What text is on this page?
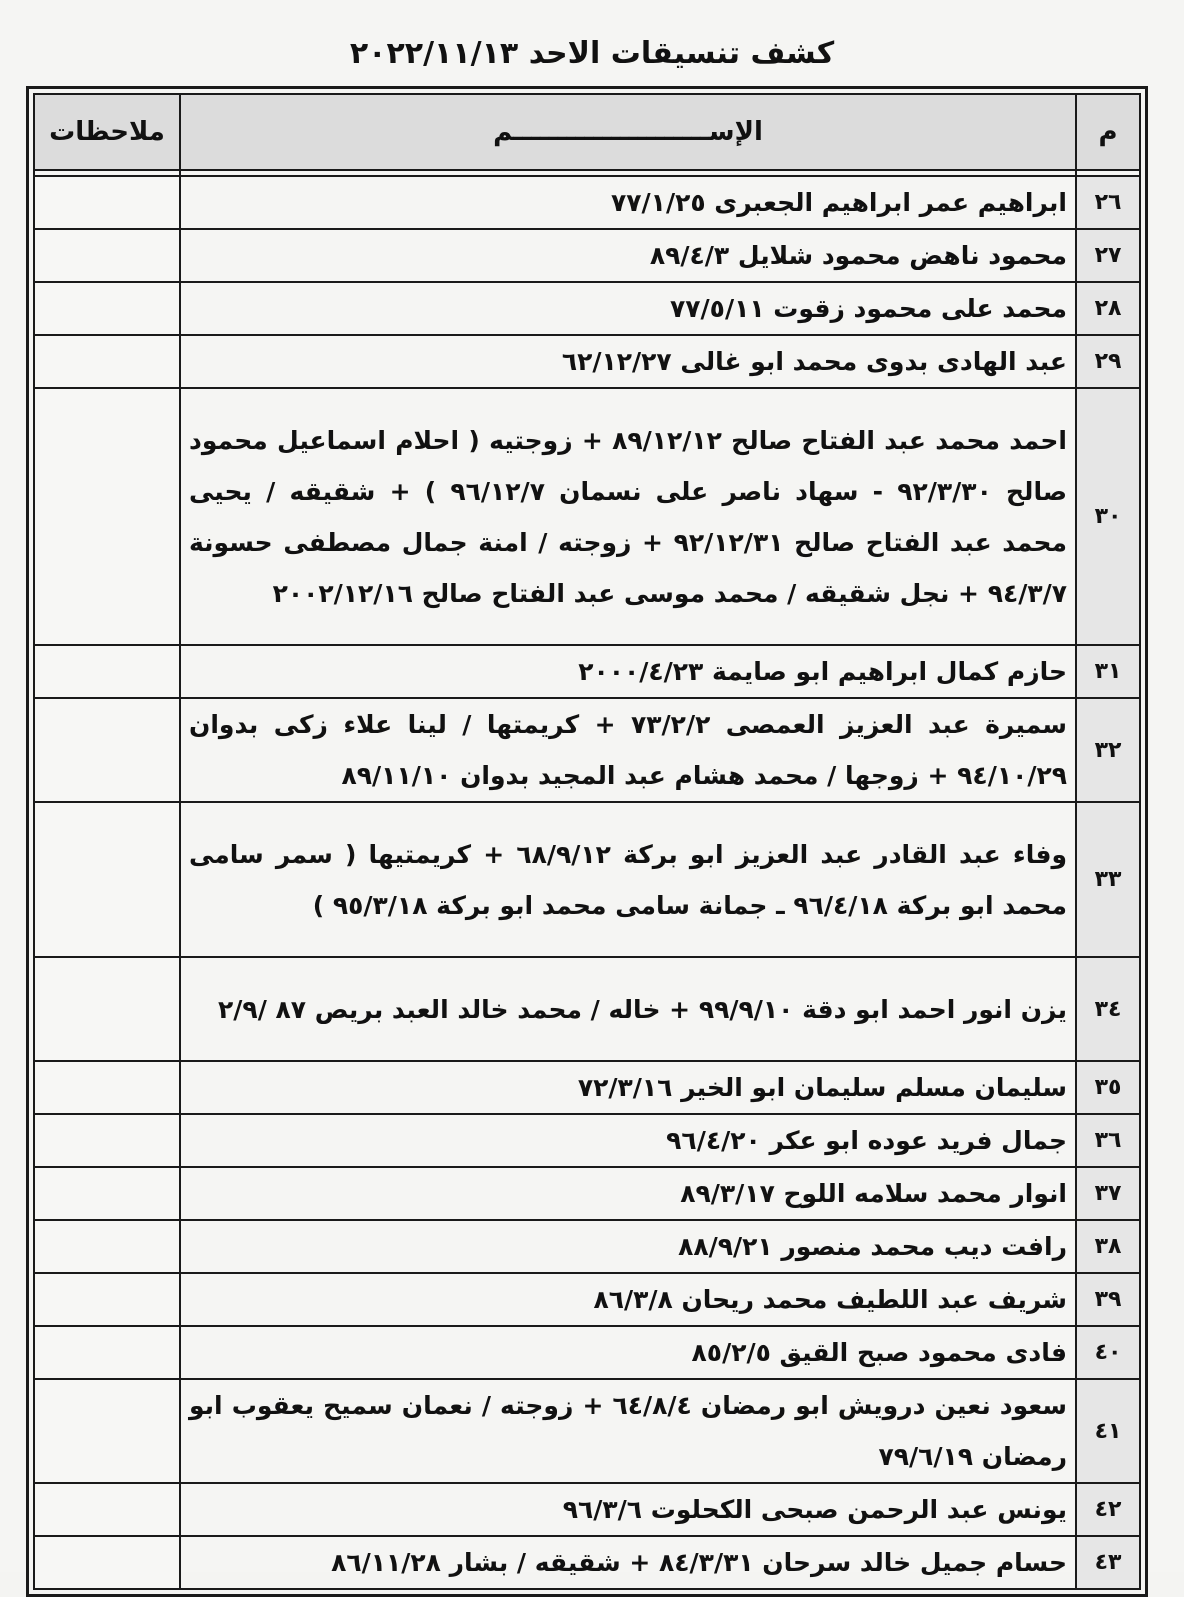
كشف تنسيقات الاحد ٢٠٢٢/١١/١٣
م	الإســــــــــــــــــــــم	ملاحظات

٢٦	ابراهيم عمر ابراهيم الجعبرى ٧٧/١/٢٥	
٢٧	محمود ناهض محمود شلايل ٨٩/٤/٣	
٢٨	محمد على محمود زقوت ٧٧/٥/١١	
٢٩	عبد الهادى بدوى محمد ابو غالى ٦٢/١٢/٢٧	
٣٠	احمد محمد عبد الفتاح صالح ٨٩/١٢/١٢ + زوجتيه ( احلام اسماعيل محمود صالح ٩٢/٣/٣٠ - سهاد ناصر على نسمان ٩٦/١٢/٧ ) + شقيقه / يحيى محمد عبد الفتاح صالح ٩٢/١٢/٣١ + زوجته / امنة جمال مصطفى حسونة ٩٤/٣/٧ + نجل شقيقه / محمد موسى عبد الفتاح صالح ٢٠٠٢/١٢/١٦	
٣١	حازم كمال ابراهيم ابو صايمة ٢٠٠٠/٤/٢٣	
٣٢	سميرة عبد العزيز العمصى ٧٣/٢/٢ + كريمتها / لينا علاء زكى بدوان ٩٤/١٠/٢٩ + زوجها / محمد هشام عبد المجيد بدوان ٨٩/١١/١٠	
٣٣	وفاء عبد القادر عبد العزيز ابو بركة ٦٨/٩/١٢ + كريمتيها ( سمر سامى محمد ابو بركة ٩٦/٤/١٨ ـ جمانة سامى محمد ابو بركة ٩٥/٣/١٨ )	
٣٤	يزن انور احمد ابو دقة ٩٩/٩/١٠ + خاله / محمد خالد العبد بريص ٨٧ /٢/٩	
٣٥	سليمان مسلم سليمان ابو الخير ٧٢/٣/١٦	
٣٦	جمال فريد عوده ابو عكر ٩٦/٤/٢٠	
٣٧	انوار محمد سلامه اللوح ٨٩/٣/١٧	
٣٨	رافت ديب محمد منصور ٨٨/٩/٢١	
٣٩	شريف عبد اللطيف محمد ريحان ٨٦/٣/٨	
٤٠	فادى محمود صبح القيق ٨٥/٢/٥	
٤١	سعود نعين درويش ابو رمضان ٦٤/٨/٤ + زوجته / نعمان سميح يعقوب ابو رمضان ٧٩/٦/١٩	
٤٢	يونس عبد الرحمن صبحى الكحلوت ٩٦/٣/٦	
٤٣	حسام جميل خالد سرحان ٨٤/٣/٣١ + شقيقه / بشار ٨٦/١١/٢٨	
